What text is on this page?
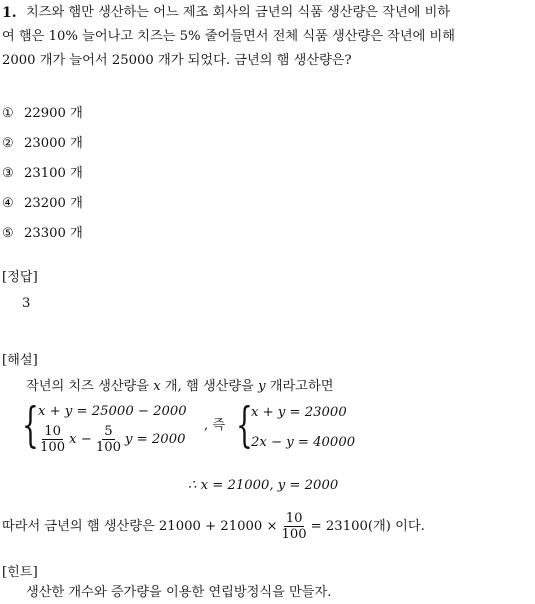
1. 치즈와 햄만 생산하는 어느 제조 회사의 금년의 식품 생산량은 작년에 비하
여 햄은 10% 늘어나고 치즈는 5% 줄어들면서 전체 식품 생산량은 작년에 비해
2000 개가 늘어서 25000 개가 되었다. 금년의 햄 생산량은?
① 22900 개
② 23000 개
③ 23100 개
④ 23200 개
⑤ 23300 개
[정답]
3
[해설]
작년의 치즈 생산량을 x 개, 햄 생산량을 y 개라고하면
{ x + y = 25000 − 2000
$\frac{10}{100}$ $x - \frac{5}{100}$ y = 2000
, 즉 {
x + y = 23000
2x − y = 40000
∴ x = 21000, y = 2000
따라서 금년의 햄 생산량은
$21000 + 21000 \times \frac{10}{100} = 23100$(개) 이다.
[힌트]
생산한 개수와 증가량을 이용한 연립방정식을 만들자.
